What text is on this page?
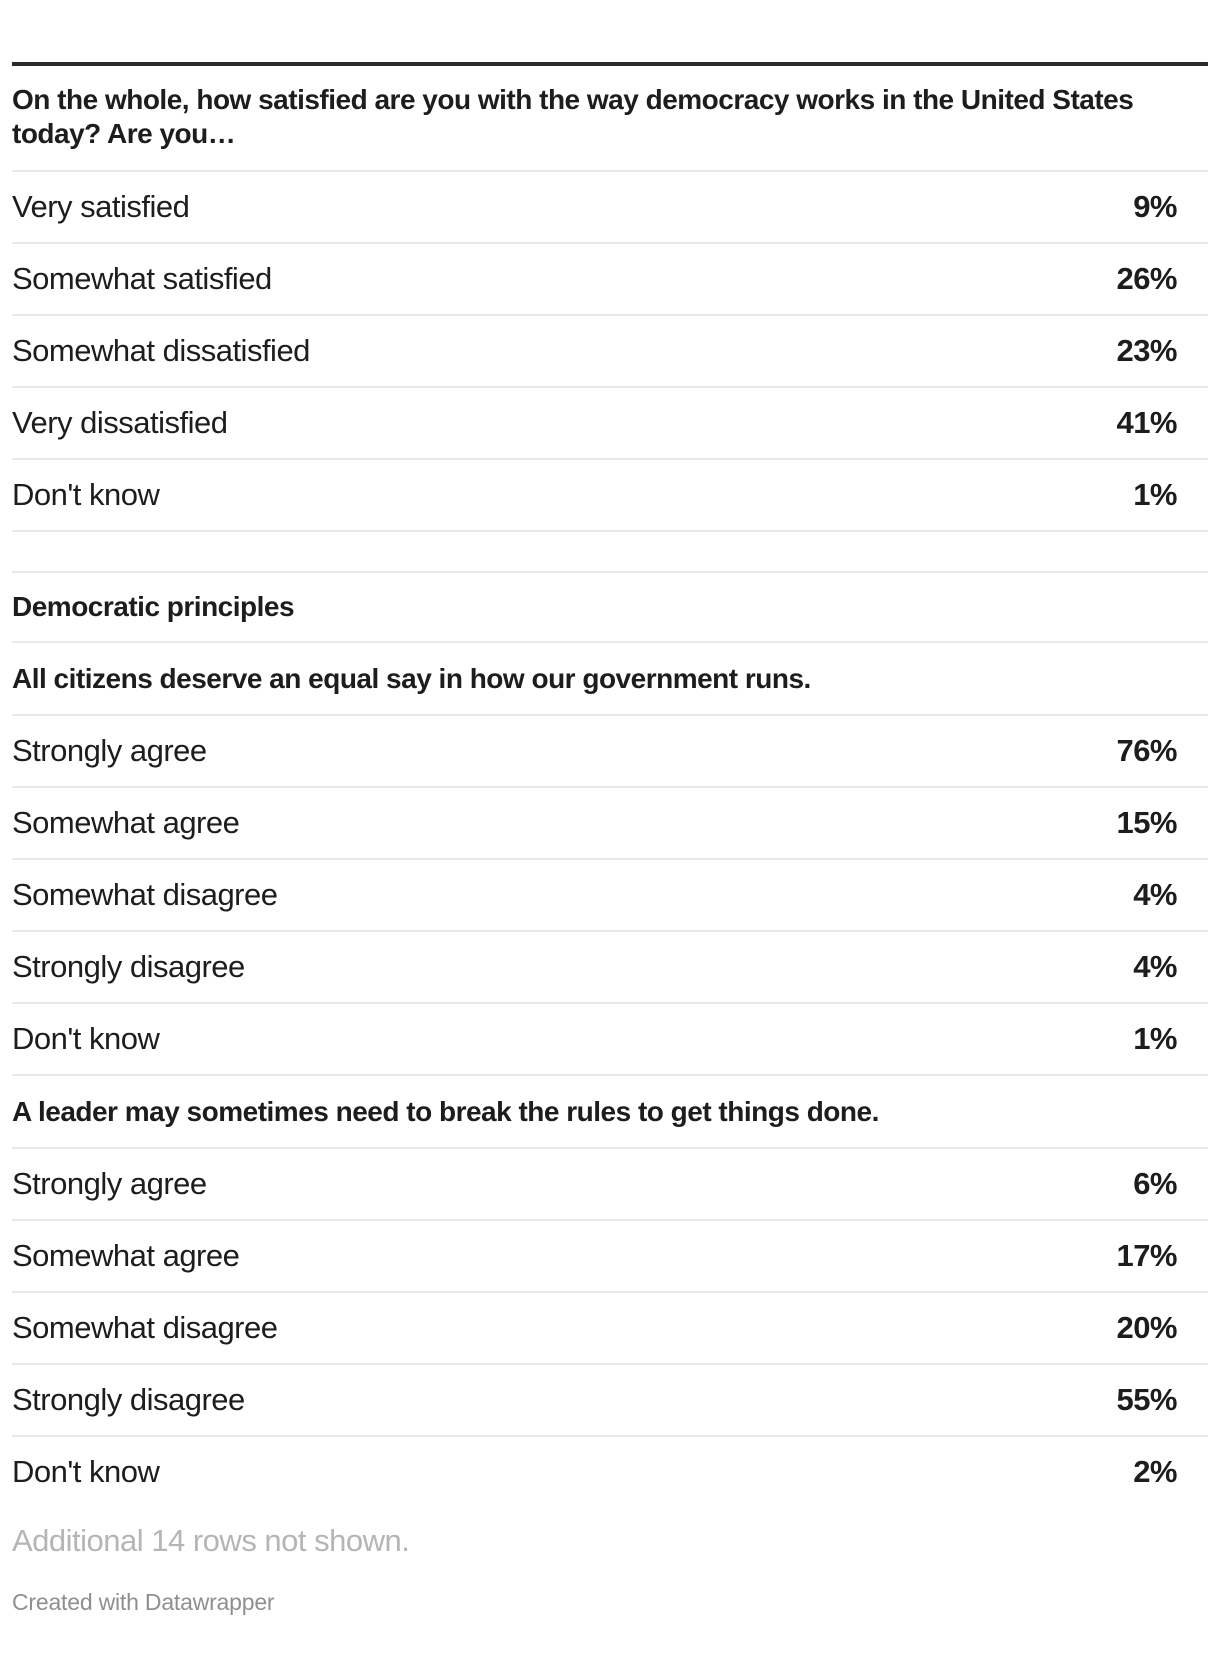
On the whole, how satisfied are you with the way democracy works in the United States today? Are you…
Very satisfied	9%
Somewhat satisfied	26%
Somewhat dissatisfied	23%
Very dissatisfied	41%
Don't know	1%
Democratic principles
All citizens deserve an equal say in how our government runs.
Strongly agree	76%
Somewhat agree	15%
Somewhat disagree	4%
Strongly disagree	4%
Don't know	1%
A leader may sometimes need to break the rules to get things done.
Strongly agree	6%
Somewhat agree	17%
Somewhat disagree	20%
Strongly disagree	55%
Don't know	2%
Additional 14 rows not shown.
Created with Datawrapper
